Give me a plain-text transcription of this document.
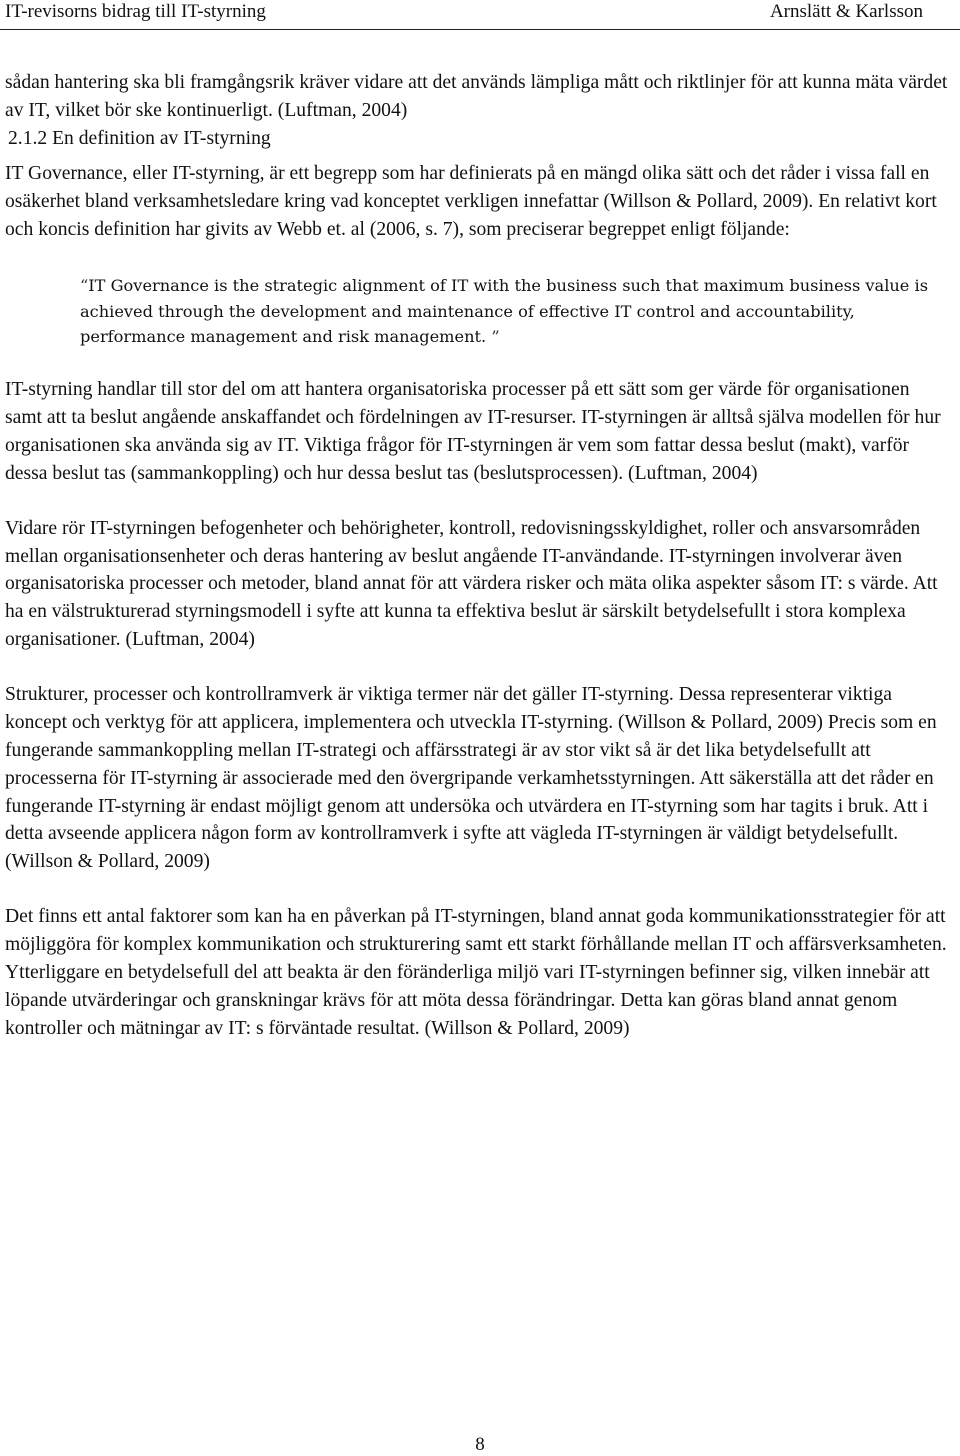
IT-revisorns bidrag till IT-styrning	Arnslätt & Karlsson

sådan hantering ska bli framgångsrik kräver vidare att det används lämpliga mått och riktlinjer för att kunna mäta värdet av IT, vilket bör ske kontinuerligt. (Luftman, 2004)

2.1.2 En definition av IT-styrning

IT Governance, eller IT-styrning, är ett begrepp som har definierats på en mängd olika sätt och det råder i vissa fall en osäkerhet bland verksamhetsledare kring vad konceptet verkligen innefattar (Willson & Pollard, 2009). En relativt kort och koncis definition har givits av Webb et. al (2006, s. 7), som preciserar begreppet enligt följande:

“IT Governance is the strategic alignment of IT with the business such that maximum business value is achieved through the development and maintenance of effective IT control and accountability, performance management and risk management. ”

IT-styrning handlar till stor del om att hantera organisatoriska processer på ett sätt som ger värde för organisationen samt att ta beslut angående anskaffandet och fördelningen av IT-resurser. IT-styrningen är alltså själva modellen för hur organisationen ska använda sig av IT. Viktiga frågor för IT-styrningen är vem som fattar dessa beslut (makt), varför dessa beslut tas (sammankoppling) och hur dessa beslut tas (beslutsprocessen). (Luftman, 2004)

Vidare rör IT-styrningen befogenheter och behörigheter, kontroll, redovisningsskyldighet, roller och ansvarsområden mellan organisationsenheter och deras hantering av beslut angående IT-användande. IT-styrningen involverar även organisatoriska processer och metoder, bland annat för att värdera risker och mäta olika aspekter såsom IT: s värde. Att ha en välstrukturerad styrningsmodell i syfte att kunna ta effektiva beslut är särskilt betydelsefullt i stora komplexa organisationer. (Luftman, 2004)

Strukturer, processer och kontrollramverk är viktiga termer när det gäller IT-styrning. Dessa representerar viktiga koncept och verktyg för att applicera, implementera och utveckla IT-styrning. (Willson & Pollard, 2009) Precis som en fungerande sammankoppling mellan IT-strategi och affärsstrategi är av stor vikt så är det lika betydelsefullt att processerna för IT-styrning är associerade med den övergripande verkamhetsstyrningen. Att säkerställa att det råder en fungerande IT-styrning är endast möjligt genom att undersöka och utvärdera en IT-styrning som har tagits i bruk. Att i detta avseende applicera någon form av kontrollramverk i syfte att vägleda IT-styrningen är väldigt betydelsefullt. (Willson & Pollard, 2009)

Det finns ett antal faktorer som kan ha en påverkan på IT-styrningen, bland annat goda kommunikationsstrategier för att möjliggöra för komplex kommunikation och strukturering samt ett starkt förhållande mellan IT och affärsverksamheten. Ytterliggare en betydelsefull del att beakta är den föränderliga miljö vari IT-styrningen befinner sig, vilken innebär att löpande utvärderingar och granskningar krävs för att möta dessa förändringar. Detta kan göras bland annat genom kontroller och mätningar av IT: s förväntade resultat. (Willson & Pollard, 2009)

8
